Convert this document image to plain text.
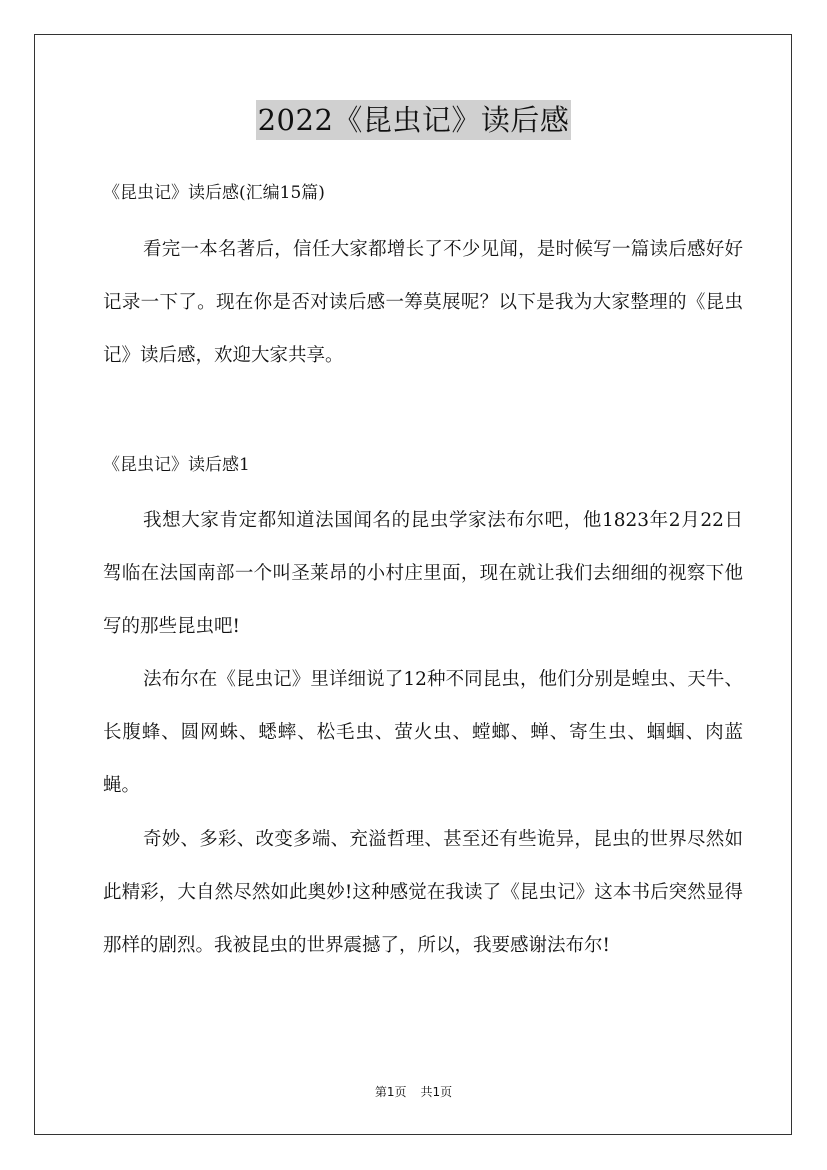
2022《昆虫记》读后感
《昆虫记》读后感(汇编15篇)

看完一本名著后，信任大家都增长了不少见闻，是时候写一篇读后感好好记录一下了。现在你是否对读后感一筹莫展呢？以下是我为大家整理的《昆虫记》读后感，欢迎大家共享。

《昆虫记》读后感1

我想大家肯定都知道法国闻名的昆虫学家法布尔吧，他1823年2月22日驾临在法国南部一个叫圣莱昂的小村庄里面，现在就让我们去细细的视察下他写的那些昆虫吧!

法布尔在《昆虫记》里详细说了12种不同昆虫，他们分别是蝗虫、天牛、长腹蜂、圆网蛛、蟋蟀、松毛虫、萤火虫、螳螂、蝉、寄生虫、蝈蝈、肉蓝蝇。

奇妙、多彩、改变多端、充溢哲理、甚至还有些诡异，昆虫的世界尽然如此精彩，大自然尽然如此奥妙!这种感觉在我读了《昆虫记》这本书后突然显得那样的剧烈。我被昆虫的世界震撼了，所以，我要感谢法布尔!

第1页 共1页
